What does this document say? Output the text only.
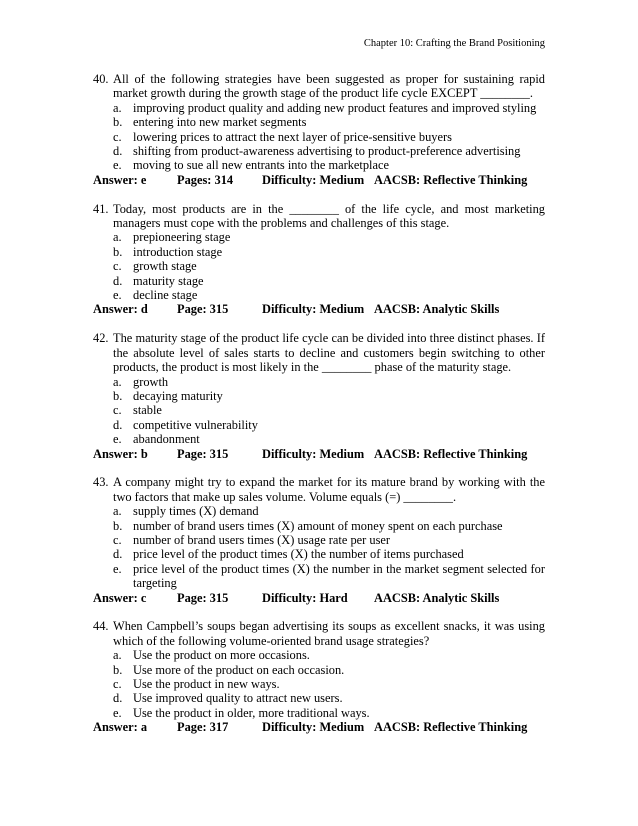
Chapter 10: Crafting the Brand Positioning
40. All of the following strategies have been suggested as proper for sustaining rapid market growth during the growth stage of the product life cycle EXCEPT ________.
a. improving product quality and adding new product features and improved styling
b. entering into new market segments
c. lowering prices to attract the next layer of price-sensitive buyers
d. shifting from product-awareness advertising to product-preference advertising
e. moving to sue all new entrants into the marketplace
Answer: e	Pages: 314	Difficulty: Medium AACSB: Reflective Thinking
41. Today, most products are in the ________ of the life cycle, and most marketing managers must cope with the problems and challenges of this stage.
a. prepioneering stage
b. introduction stage
c. growth stage
d. maturity stage
e. decline stage
Answer: d	Page: 315	Difficulty: Medium AACSB: Analytic Skills
42. The maturity stage of the product life cycle can be divided into three distinct phases. If the absolute level of sales starts to decline and customers begin switching to other products, the product is most likely in the ________ phase of the maturity stage.
a. growth
b. decaying maturity
c. stable
d. competitive vulnerability
e. abandonment
Answer: b	Page: 315	Difficulty: Medium AACSB: Reflective Thinking
43. A company might try to expand the market for its mature brand by working with the two factors that make up sales volume. Volume equals (=) ________.
a. supply times (X) demand
b. number of brand users times (X) amount of money spent on each purchase
c. number of brand users times (X) usage rate per user
d. price level of the product times (X) the number of items purchased
e. price level of the product times (X) the number in the market segment selected for targeting
Answer: c	Page: 315	Difficulty: Hard	AACSB: Analytic Skills
44. When Campbell’s soups began advertising its soups as excellent snacks, it was using which of the following volume-oriented brand usage strategies?
a. Use the product on more occasions.
b. Use more of the product on each occasion.
c. Use the product in new ways.
d. Use improved quality to attract new users.
e. Use the product in older, more traditional ways.
Answer: a	Page: 317	Difficulty: Medium AACSB: Reflective Thinking
